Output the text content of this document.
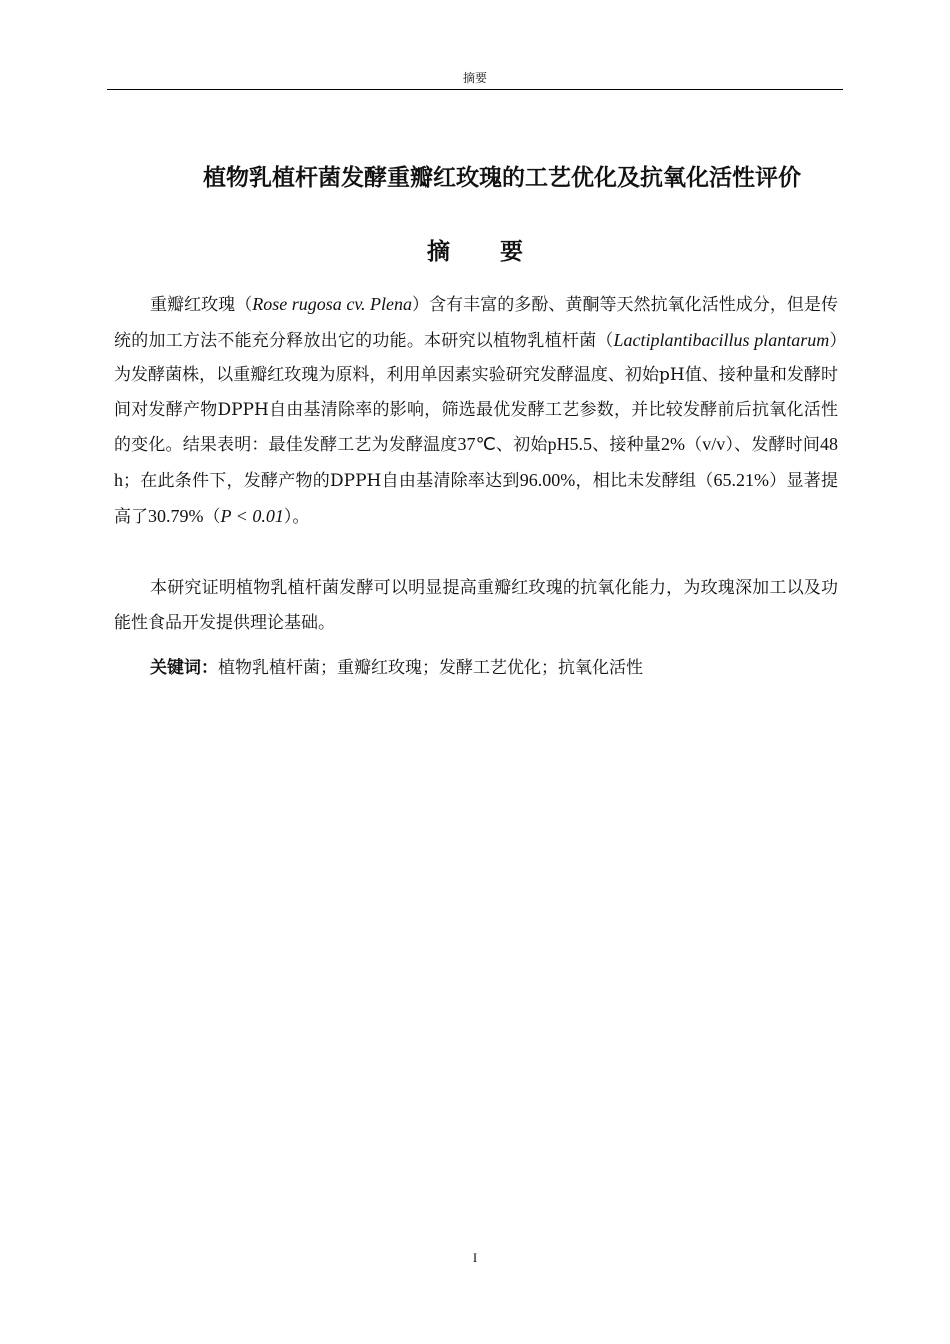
摘要
植物乳植杆菌发酵重瓣红玫瑰的工艺优化及抗氧化活性评价
摘 要

重瓣红玫瑰（Rose rugosa cv. Plena）含有丰富的多酚、黄酮等天然抗氧化活性成分，但是传统的加工方法不能充分释放出它的功能。本研究以植物乳植杆菌（Lactiplantibacillus plantarum）为发酵菌株，以重瓣红玫瑰为原料，利用单因素实验研究发酵温度、初始pH值、接种量和发酵时间对发酵产物DPPH自由基清除率的影响，筛选最优发酵工艺参数，并比较发酵前后抗氧化活性的变化。结果表明：最佳发酵工艺为发酵温度37℃、初始pH5.5、接种量2%（v/v）、发酵时间48 h；在此条件下，发酵产物的DPPH自由基清除率达到96.00%，相比未发酵组（65.21%）显著提高了30.79%（P < 0.01）。

本研究证明植物乳植杆菌发酵可以明显提高重瓣红玫瑰的抗氧化能力，为玫瑰深加工以及功能性食品开发提供理论基础。

关键词：植物乳植杆菌；重瓣红玫瑰；发酵工艺优化；抗氧化活性

I
